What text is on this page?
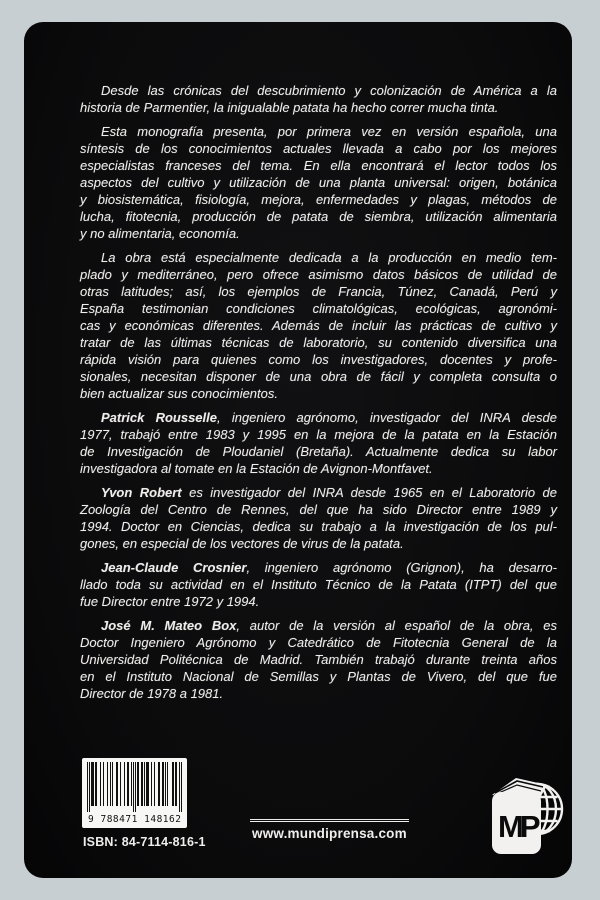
Desde las crónicas del descubrimiento y colonización de América a la
historia de Parmentier, la inigualable patata ha hecho correr mucha tinta.
Esta monografía presenta, por primera vez en versión española, una
síntesis de los conocimientos actuales llevada a cabo por los mejores
especialistas franceses del tema. En ella encontrará el lector todos los
aspectos del cultivo y utilización de una planta universal: origen, botánica
y biosistemática, fisiología, mejora, enfermedades y plagas, métodos de
lucha, fitotecnia, producción de patata de siembra, utilización alimentaria
y no alimentaria, economía.
La obra está especialmente dedicada a la producción en medio tem-
plado y mediterráneo, pero ofrece asimismo datos básicos de utilidad de
otras latitudes; así, los ejemplos de Francia, Túnez, Canadá, Perú y
España testimonian condiciones climatológicas, ecológicas, agronómi-
cas y económicas diferentes. Además de incluir las prácticas de cultivo y
tratar de las últimas técnicas de laboratorio, su contenido diversifica una
rápida visión para quienes como los investigadores, docentes y profe-
sionales, necesitan disponer de una obra de fácil y completa consulta o
bien actualizar sus conocimientos.
Patrick Rousselle, ingeniero agrónomo, investigador del INRA desde
1977, trabajó entre 1983 y 1995 en la mejora de la patata en la Estación
de Investigación de Ploudaniel (Bretaña). Actualmente dedica su labor
investigadora al tomate en la Estación de Avignon-Montfavet.
Yvon Robert es investigador del INRA desde 1965 en el Laboratorio de
Zoología del Centro de Rennes, del que ha sido Director entre 1989 y
1994. Doctor en Ciencias, dedica su trabajo a la investigación de los pul-
gones, en especial de los vectores de virus de la patata.
Jean-Claude Crosnier, ingeniero agrónomo (Grignon), ha desarro-
llado toda su actividad en el Instituto Técnico de la Patata (ITPT) del que
fue Director entre 1972 y 1994.
José M. Mateo Box, autor de la versión al español de la obra, es
Doctor Ingeniero Agrónomo y Catedrático de Fitotecnia General de la
Universidad Politécnica de Madrid. También trabajó durante treinta años
en el Instituto Nacional de Semillas y Plantas de Vivero, del que fue
Director de 1978 a 1981.
9 788471 148162
ISBN: 84-7114-816-1
www.mundiprensa.com	MP
